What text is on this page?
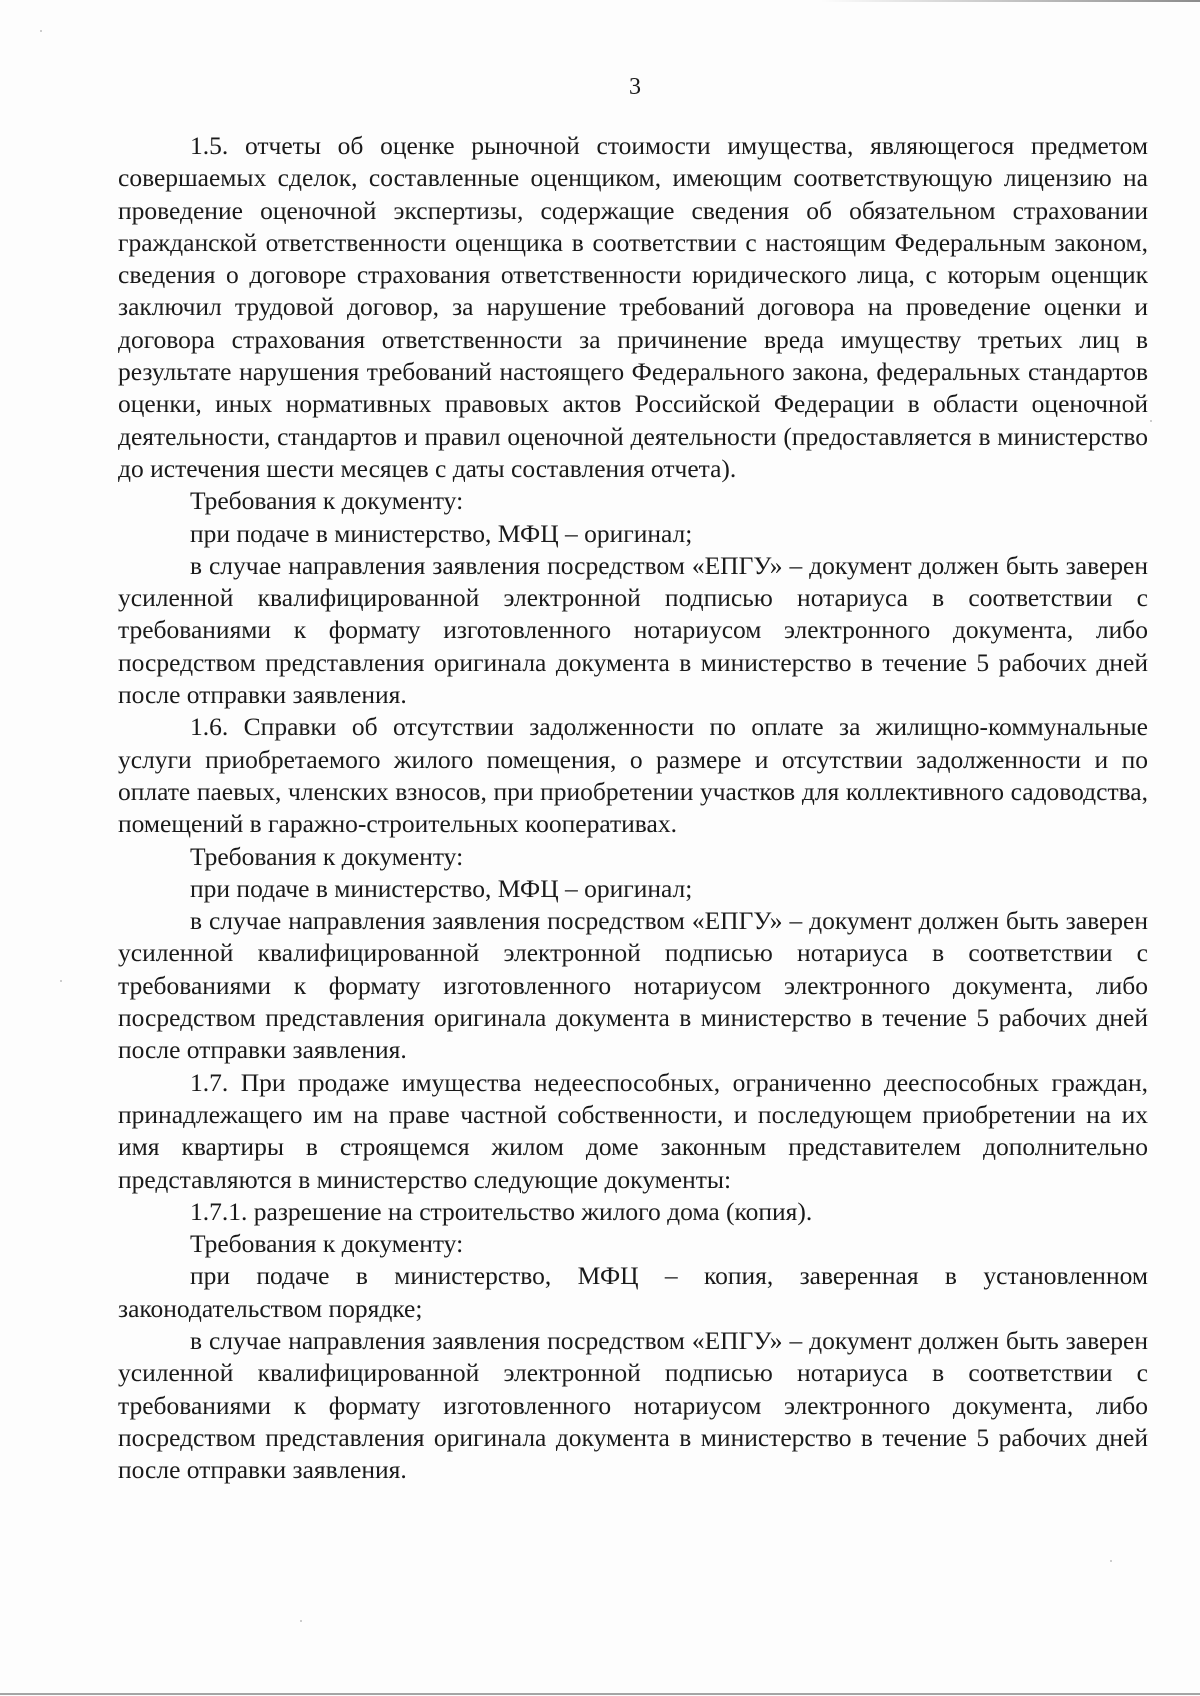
3

1.5. отчеты об оценке рыночной стоимости имущества, являющегося предметом совершаемых сделок, составленные оценщиком, имеющим соответствующую лицензию на проведение оценочной экспертизы, содержащие сведения об обязательном страховании гражданской ответственности оценщика в соответствии с настоящим Федеральным законом, сведения о договоре страхования ответственности юридического лица, с которым оценщик заключил трудовой договор, за нарушение требований договора на проведение оценки и договора страхования ответственности за причинение вреда имуществу третьих лиц в результате нарушения требований настоящего Федерального закона, федеральных стандартов оценки, иных нормативных правовых актов Российской Федерации в области оценочной деятельности, стандартов и правил оценочной деятельности (предоставляется в министерство до истечения шести месяцев с даты составления отчета).

Требования к документу:

при подаче в министерство, МФЦ – оригинал;

в случае направления заявления посредством «ЕПГУ» – документ должен быть заверен усиленной квалифицированной электронной подписью нотариуса в соответствии с требованиями к формату изготовленного нотариусом электронного документа, либо посредством представления оригинала документа в министерство в течение 5 рабочих дней после отправки заявления.

1.6. Справки об отсутствии задолженности по оплате за жилищно-коммунальные услуги приобретаемого жилого помещения, о размере и отсутствии задолженности и по оплате паевых, членских взносов, при приобретении участков для коллективного садоводства, помещений в гаражно-строительных кооперативах.

Требования к документу:

при подаче в министерство, МФЦ – оригинал;

в случае направления заявления посредством «ЕПГУ» – документ должен быть заверен усиленной квалифицированной электронной подписью нотариуса в соответствии с требованиями к формату изготовленного нотариусом электронного документа, либо посредством представления оригинала документа в министерство в течение 5 рабочих дней после отправки заявления.

1.7. При продаже имущества недееспособных, ограниченно дееспособных граждан, принадлежащего им на праве частной собственности, и последующем приобретении на их имя квартиры в строящемся жилом доме законным представителем дополнительно представляются в министерство следующие документы:

1.7.1. разрешение на строительство жилого дома (копия).

Требования к документу:

при подаче в министерство, МФЦ – копия, заверенная в установленном законодательством порядке;

в случае направления заявления посредством «ЕПГУ» – документ должен быть заверен усиленной квалифицированной электронной подписью нотариуса в соответствии с требованиями к формату изготовленного нотариусом электронного документа, либо посредством представления оригинала документа в министерство в течение 5 рабочих дней после отправки заявления.
